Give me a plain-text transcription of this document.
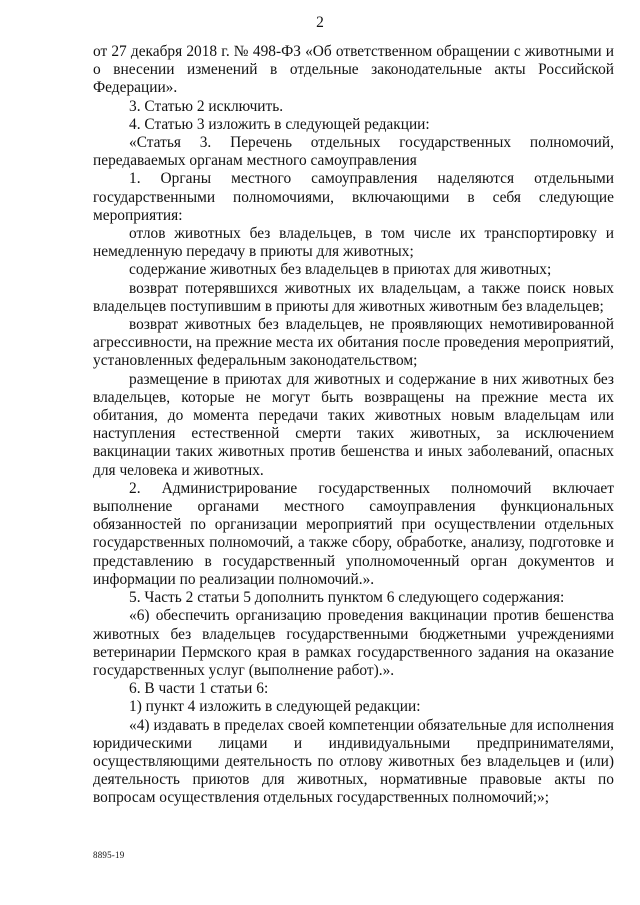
2

от 27 декабря 2018 г. № 498-ФЗ «Об ответственном обращении с животными и о внесении изменений в отдельные законодательные акты Российской Федерации».

3. Статью 2 исключить.

4. Статью 3 изложить в следующей редакции:

«Статья 3. Перечень отдельных государственных полномочий, передаваемых органам местного самоуправления

1. Органы местного самоуправления наделяются отдельными государственными полномочиями, включающими в себя следующие мероприятия:

отлов животных без владельцев, в том числе их транспортировку и немедленную передачу в приюты для животных;

содержание животных без владельцев в приютах для животных;

возврат потерявшихся животных их владельцам, а также поиск новых владельцев поступившим в приюты для животных животным без владельцев;

возврат животных без владельцев, не проявляющих немотивированной агрессивности, на прежние места их обитания после проведения мероприятий, установленных федеральным законодательством;

размещение в приютах для животных и содержание в них животных без владельцев, которые не могут быть возвращены на прежние места их обитания, до момента передачи таких животных новым владельцам или наступления естественной смерти таких животных, за исключением вакцинации таких животных против бешенства и иных заболеваний, опасных для человека и животных.

2. Администрирование государственных полномочий включает выполнение органами местного самоуправления функциональных обязанностей по организации мероприятий при осуществлении отдельных государственных полномочий, а также сбору, обработке, анализу, подготовке и представлению в государственный уполномоченный орган документов и информации по реализации полномочий.».

5. Часть 2 статьи 5 дополнить пунктом 6 следующего содержания:

«6) обеспечить организацию проведения вакцинации против бешенства животных без владельцев государственными бюджетными учреждениями ветеринарии Пермского края в рамках государственного задания на оказание государственных услуг (выполнение работ).».

6. В части 1 статьи 6:

1) пункт 4 изложить в следующей редакции:

«4) издавать в пределах своей компетенции обязательные для исполнения юридическими лицами и индивидуальными предпринимателями, осуществляющими деятельность по отлову животных без владельцев и (или) деятельность приютов для животных, нормативные правовые акты по вопросам осуществления отдельных государственных полномочий;»;

8895-19
